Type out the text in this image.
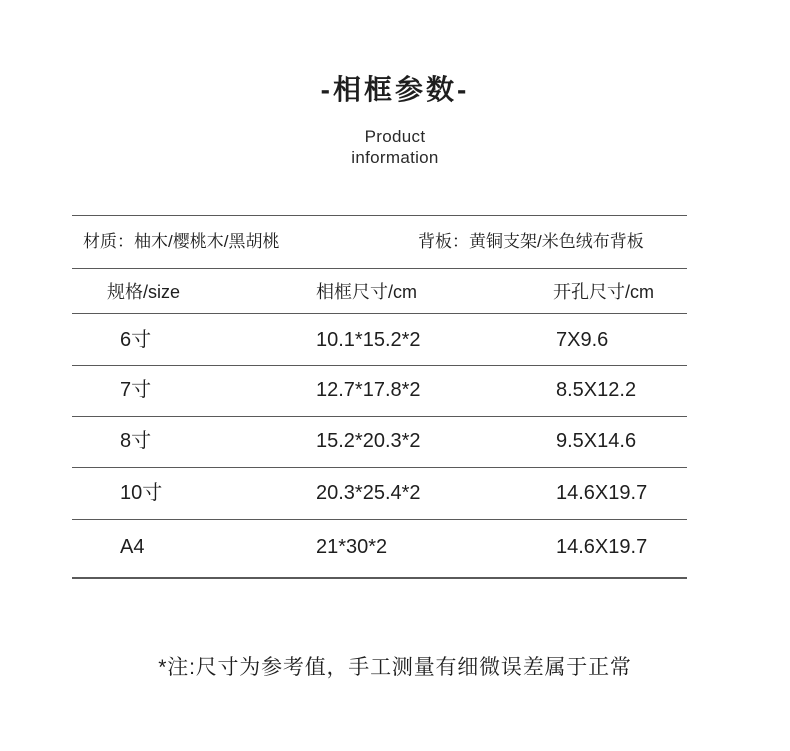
-相框参数-
Product
information
材质：柚木/樱桃木/黑胡桃	背板：黄铜支架/米色绒布背板
规格/size	相框尺寸/cm	开孔尺寸/cm
6寸	10.1*15.2*2	7X9.6
7寸	12.7*17.8*2	8.5X12.2
8寸	15.2*20.3*2	9.5X14.6
10寸	20.3*25.4*2	14.6X19.7
A4	21*30*2	14.6X19.7
*注:尺寸为参考值，手工测量有细微误差属于正常
